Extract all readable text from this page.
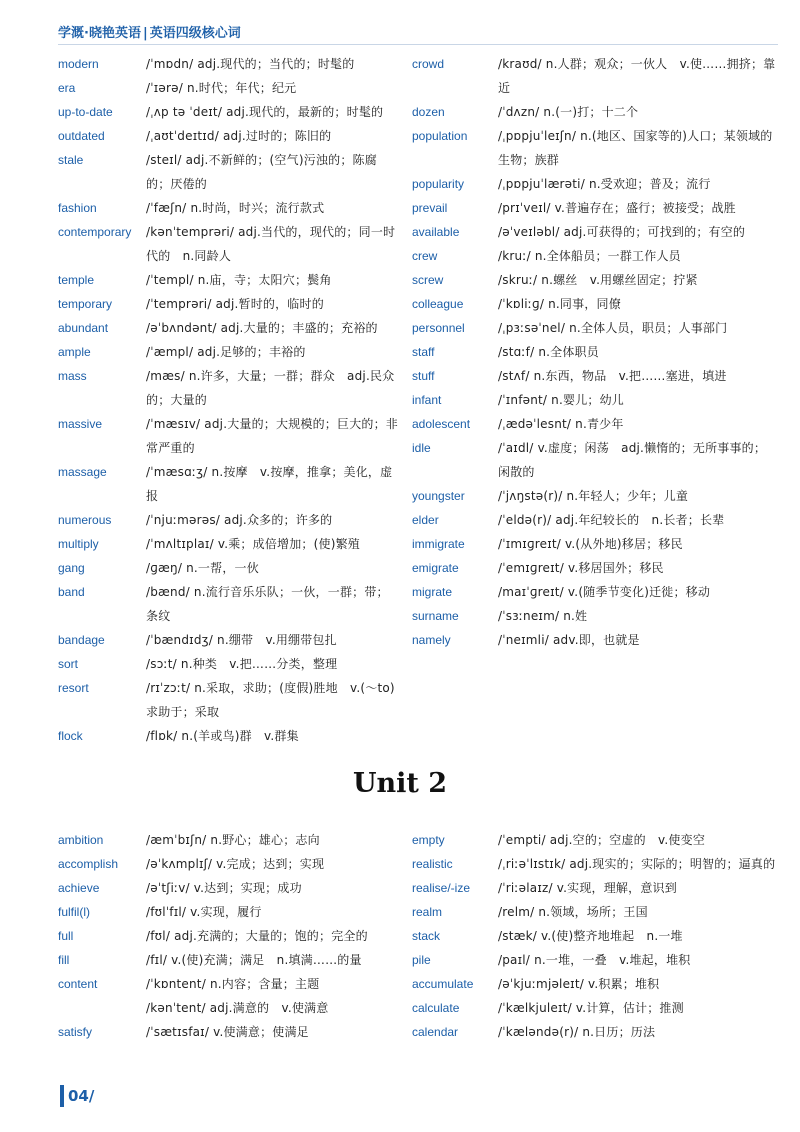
学溉·晓艳英语 | 英语四级核心词
modern	/ˈmɒdn/ adj.现代的；当代的；时髦的
era	/ˈɪərə/ n.时代；年代；纪元
up-to-date	/ˌʌp tə ˈdeɪt/ adj.现代的，最新的；时髦的
outdated	/ˌaʊtˈdeɪtɪd/ adj.过时的；陈旧的
stale	/steɪl/ adj.不新鲜的；(空气)污浊的；陈腐的；厌倦的
fashion	/ˈfæʃn/ n.时尚，时兴；流行款式
contemporary	/kənˈtemprəri/ adj.当代的，现代的；同一时代的　n.同龄人
temple	/ˈtempl/ n.庙，寺；太阳穴；鬓角
temporary	/ˈtemprəri/ adj.暂时的，临时的
abundant	/əˈbʌndənt/ adj.大量的；丰盛的；充裕的
ample	/ˈæmpl/ adj.足够的；丰裕的
mass	/mæs/ n.许多，大量；一群；群众　adj.民众的；大量的
massive	/ˈmæsɪv/ adj.大量的；大规模的；巨大的；非常严重的
massage	/ˈmæsɑːʒ/ n.按摩　v.按摩，推拿；美化，虚报
numerous	/ˈnjuːmərəs/ adj.众多的；许多的
multiply	/ˈmʌltɪplaɪ/ v.乘；成倍增加；(使)繁殖
gang	/ɡæŋ/ n.一帮，一伙
band	/bænd/ n.流行音乐乐队；一伙，一群；带；条纹
bandage	/ˈbændɪdʒ/ n.绷带　v.用绷带包扎
sort	/sɔːt/ n.种类　v.把……分类，整理
resort	/rɪˈzɔːt/ n.采取，求助；(度假)胜地　v.(～to)求助于；采取
flock	/flɒk/ n.(羊或鸟)群　v.群集
crowd	/kraʊd/ n.人群；观众；一伙人　v.使……拥挤；靠近
dozen	/ˈdʌzn/ n.(一)打；十二个
population	/ˌpɒpjuˈleɪʃn/ n.(地区、国家等的)人口；某领域的生物；族群
popularity	/ˌpɒpjuˈlærəti/ n.受欢迎；普及；流行
prevail	/prɪˈveɪl/ v.普遍存在；盛行；被接受；战胜
available	/əˈveɪləbl/ adj.可获得的；可找到的；有空的
crew	/kruː/ n.全体船员；一群工作人员
screw	/skruː/ n.螺丝　v.用螺丝固定；拧紧
colleague	/ˈkɒliːɡ/ n.同事，同僚
personnel	/ˌpɜːsəˈnel/ n.全体人员，职员；人事部门
staff	/stɑːf/ n.全体职员
stuff	/stʌf/ n.东西，物品　v.把……塞进，填进
infant	/ˈɪnfənt/ n.婴儿；幼儿
adolescent	/ˌædəˈlesnt/ n.青少年
idle	/ˈaɪdl/ v.虚度；闲荡　adj.懒惰的；无所事事的；闲散的
youngster	/ˈjʌŋstə(r)/ n.年轻人；少年；儿童
elder	/ˈeldə(r)/ adj.年纪较长的　n.长者；长辈
immigrate	/ˈɪmɪɡreɪt/ v.(从外地)移居；移民
emigrate	/ˈemɪɡreɪt/ v.移居国外；移民
migrate	/maɪˈɡreɪt/ v.(随季节变化)迁徙；移动
surname	/ˈsɜːneɪm/ n.姓
namely	/ˈneɪmli/ adv.即，也就是
Unit 2
ambition	/æmˈbɪʃn/ n.野心；雄心；志向
accomplish	/əˈkʌmplɪʃ/ v.完成；达到；实现
achieve	/əˈtʃiːv/ v.达到；实现；成功
fulfil(l)	/fʊlˈfɪl/ v.实现，履行
full	/fʊl/ adj.充满的；大量的；饱的；完全的
fill	/fɪl/ v.(使)充满；满足　n.填满……的量
content	/ˈkɒntent/ n.内容；含量；主题
/kənˈtent/ adj.满意的　v.使满意
satisfy	/ˈsætɪsfaɪ/ v.使满意；使满足
empty	/ˈempti/ adj.空的；空虚的　v.使变空
realistic	/ˌriːəˈlɪstɪk/ adj.现实的；实际的；明智的；逼真的
realise/-ize	/ˈriːəlaɪz/ v.实现，理解，意识到
realm	/relm/ n.领域，场所；王国
stack	/stæk/ v.(使)整齐地堆起　n.一堆
pile	/paɪl/ n.一堆，一叠　v.堆起，堆积
accumulate	/əˈkjuːmjəleɪt/ v.积累；堆积
calculate	/ˈkælkjuleɪt/ v.计算，估计；推测
calendar	/ˈkæləndə(r)/ n.日历；历法
04/
